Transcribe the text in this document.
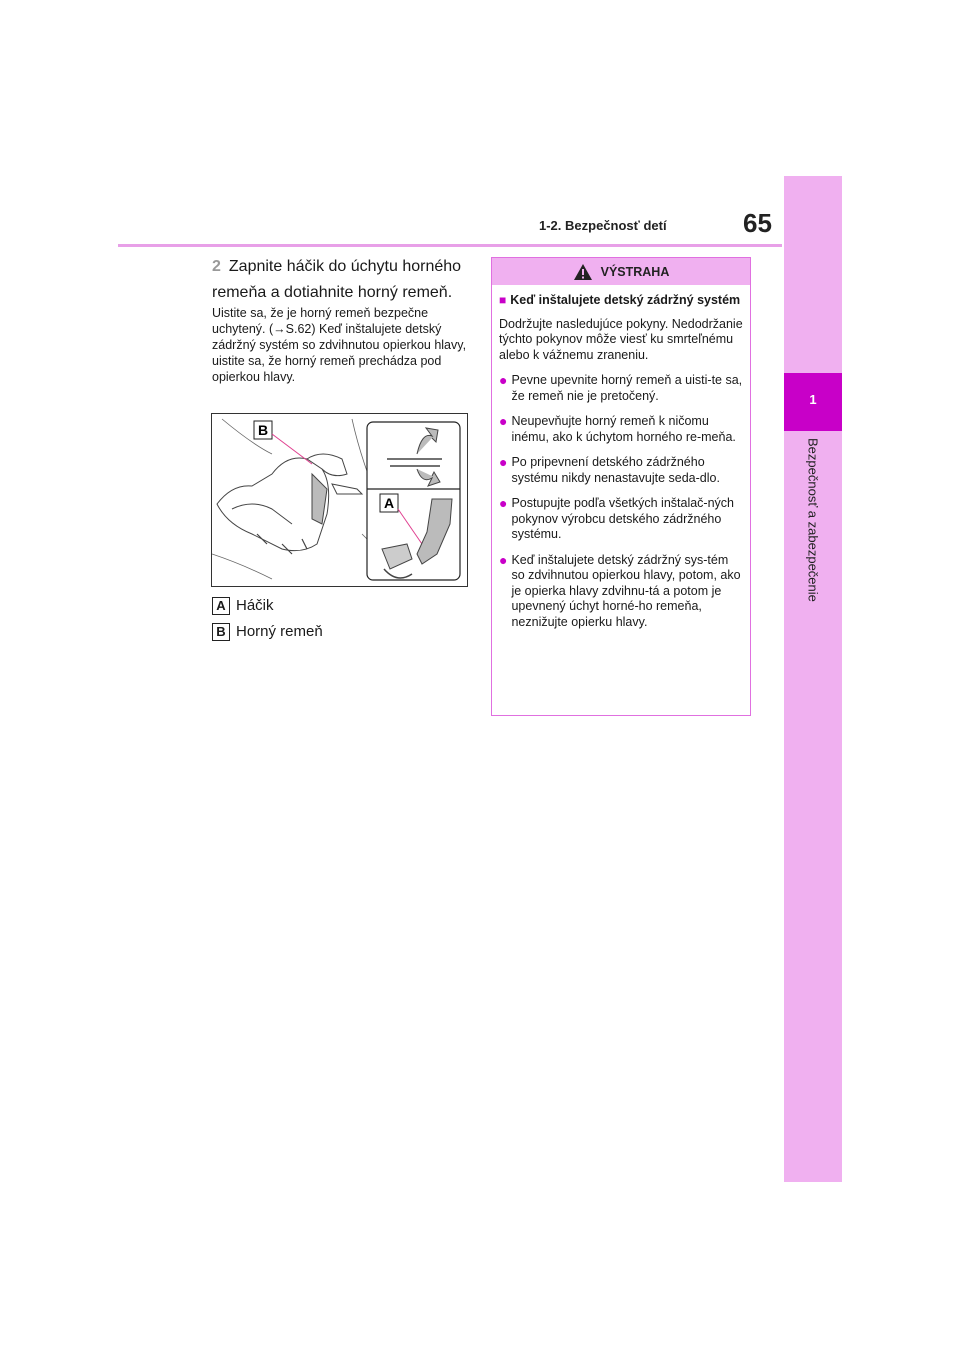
1-2. Bezpečnosť detí	65
1
Bezpečnosť a zabezpečenie
2 Zapnite háčik do úchytu horného remeňa a dotiahnite horný remeň.
Uistite sa, že je horný remeň bezpečne uchytený. (→S.62) Keď inštalujete detský zádržný systém so zdvihnutou opierkou hlavy, uistite sa, že horný remeň prechádza pod opierkou hlavy.
B
A
A Háčik
B Horný remeň
VÝSTRAHA
■ Keď inštalujete detský zádržný systém
Dodržujte nasledujúce pokyny. Nedodržanie týchto pokynov môže viesť ku smrteľnému alebo k vážnemu zraneniu.
● Pevne upevnite horný remeň a uisti-te sa, že remeň nie je pretočený.
● Neupevňujte horný remeň k ničomu inému, ako k úchytom horného re-meňa.
● Po pripevnení detského zádržného systému nikdy nenastavujte seda-dlo.
● Postupujte podľa všetkých inštalač-ných pokynov výrobcu detského zádržného systému.
● Keď inštalujete detský zádržný sys-tém so zdvihnutou opierkou hlavy, potom, ako je opierka hlavy zdvihnu-tá a potom je upevnený úchyt horné-ho remeňa, neznižujte opierku hlavy.
